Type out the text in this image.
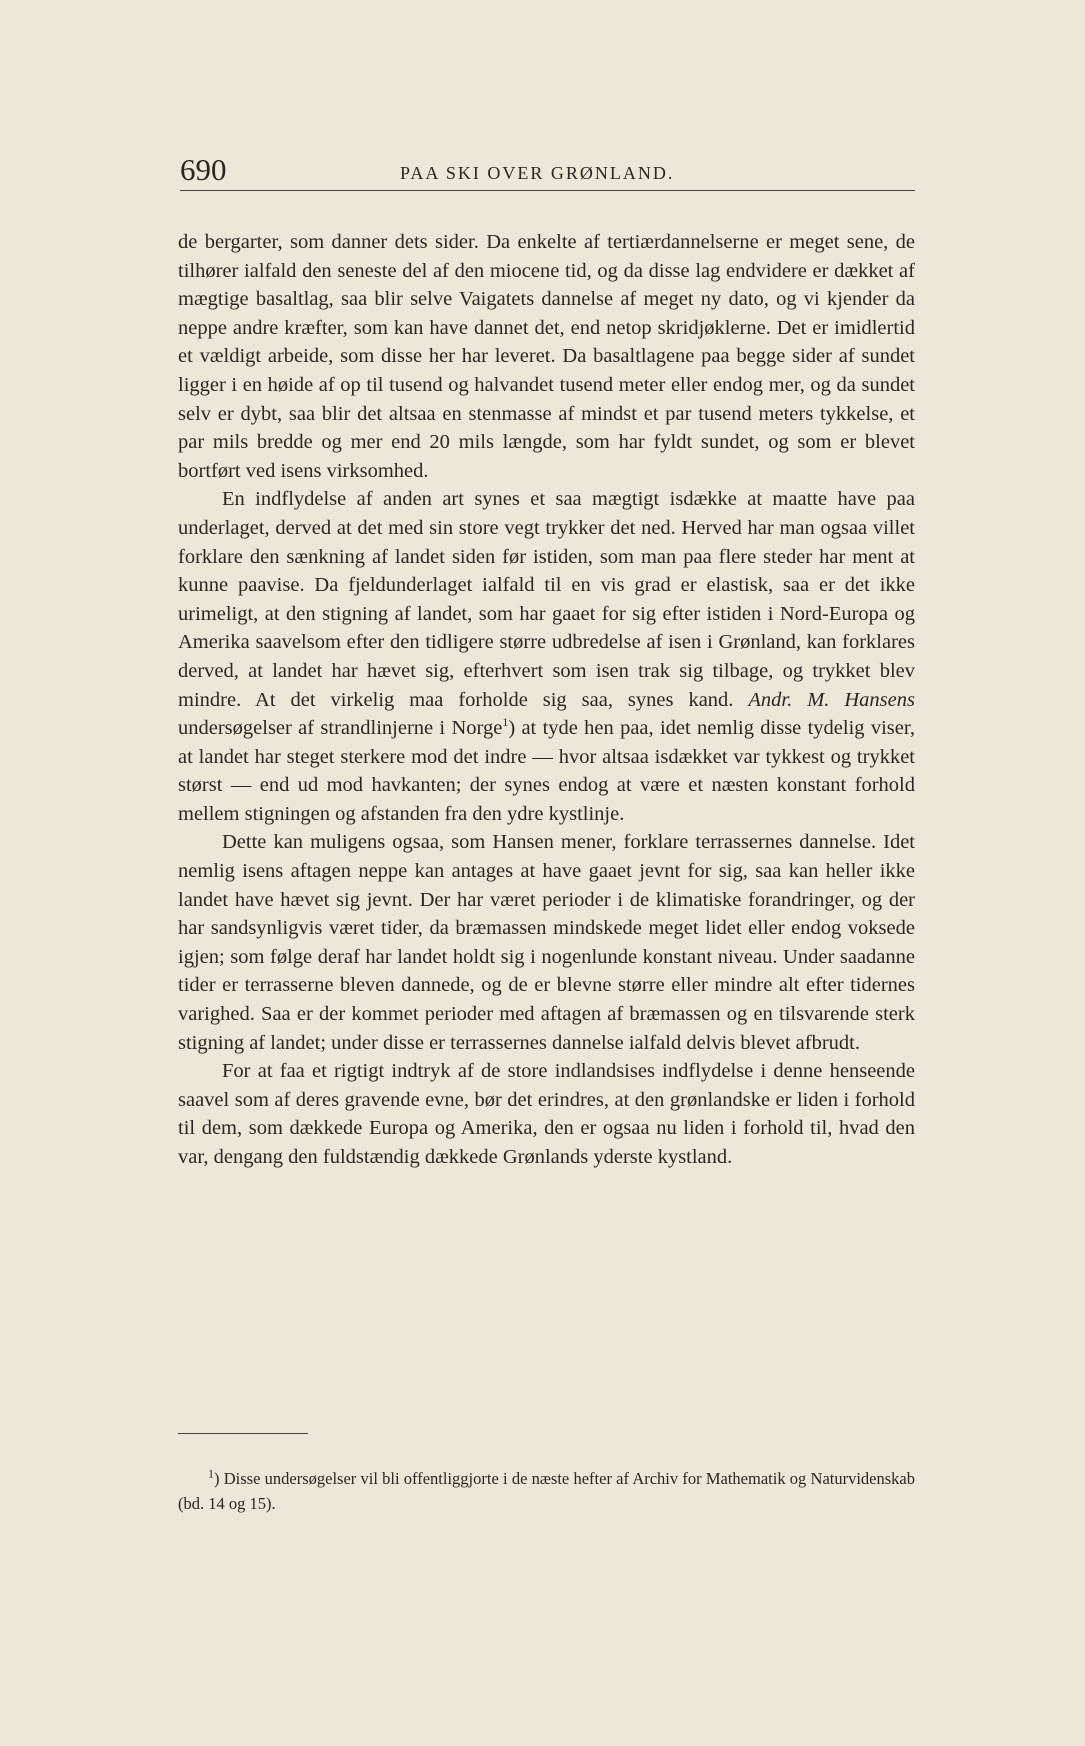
690	PAA SKI OVER GRØNLAND.

de bergarter, som danner dets sider. Da enkelte af tertiærdannelserne er meget sene, de tilhører ialfald den seneste del af den miocene tid, og da disse lag endvidere er dækket af mægtige basaltlag, saa blir selve Vaigatets dannelse af meget ny dato, og vi kjender da neppe andre kræfter, som kan have dannet det, end netop skridjøklerne. Det er imidlertid et vældigt arbeide, som disse her har leveret. Da basaltlagene paa begge sider af sundet ligger i en høide af op til tusend og halvandet tusend meter eller endog mer, og da sundet selv er dybt, saa blir det altsaa en stenmasse af mindst et par tusend meters tykkelse, et par mils bredde og mer end 20 mils længde, som har fyldt sundet, og som er blevet bortført ved isens virksomhed.

En indflydelse af anden art synes et saa mægtigt isdække at maatte have paa underlaget, derved at det med sin store vegt trykker det ned. Herved har man ogsaa villet forklare den sænkning af landet siden før istiden, som man paa flere steder har ment at kunne paavise. Da fjeldunderlaget ialfald til en vis grad er elastisk, saa er det ikke urimeligt, at den stigning af landet, som har gaaet for sig efter istiden i Nord-Europa og Amerika saavelsom efter den tidligere større udbredelse af isen i Grønland, kan forklares derved, at landet har hævet sig, efterhvert som isen trak sig tilbage, og trykket blev mindre. At det virkelig maa forholde sig saa, synes kand. Andr. M. Hansens undersøgelser af strandlinjerne i Norge$^1$) at tyde hen paa, idet nemlig disse tydelig viser, at landet har steget sterkere mod det indre — hvor altsaa isdækket var tykkest og trykket størst — end ud mod havkanten; der synes endog at være et næsten konstant forhold mellem stigningen og afstanden fra den ydre kystlinje.

Dette kan muligens ogsaa, som Hansen mener, forklare terrassernes dannelse. Idet nemlig isens aftagen neppe kan antages at have gaaet jevnt for sig, saa kan heller ikke landet have hævet sig jevnt. Der har været perioder i de klimatiske forandringer, og der har sandsynligvis været tider, da bræmassen mindskede meget lidet eller endog voksede igjen; som følge deraf har landet holdt sig i nogenlunde konstant niveau. Under saadanne tider er terrasserne bleven dannede, og de er blevne større eller mindre alt efter tidernes varighed. Saa er der kommet perioder med aftagen af bræmassen og en tilsvarende sterk stigning af landet; under disse er terrassernes dannelse ialfald delvis blevet afbrudt.

For at faa et rigtigt indtryk af de store indlandsises indflydelse i denne henseende saavel som af deres gravende evne, bør det erindres, at den grønlandske er liden i forhold til dem, som dækkede Europa og Amerika, den er ogsaa nu liden i forhold til, hvad den var, dengang den fuldstændig dækkede Grønlands yderste kystland.

$^1$) Disse undersøgelser vil bli offentliggjorte i de næste hefter af Archiv for Mathematik og Naturvidenskab (bd. 14 og 15).
